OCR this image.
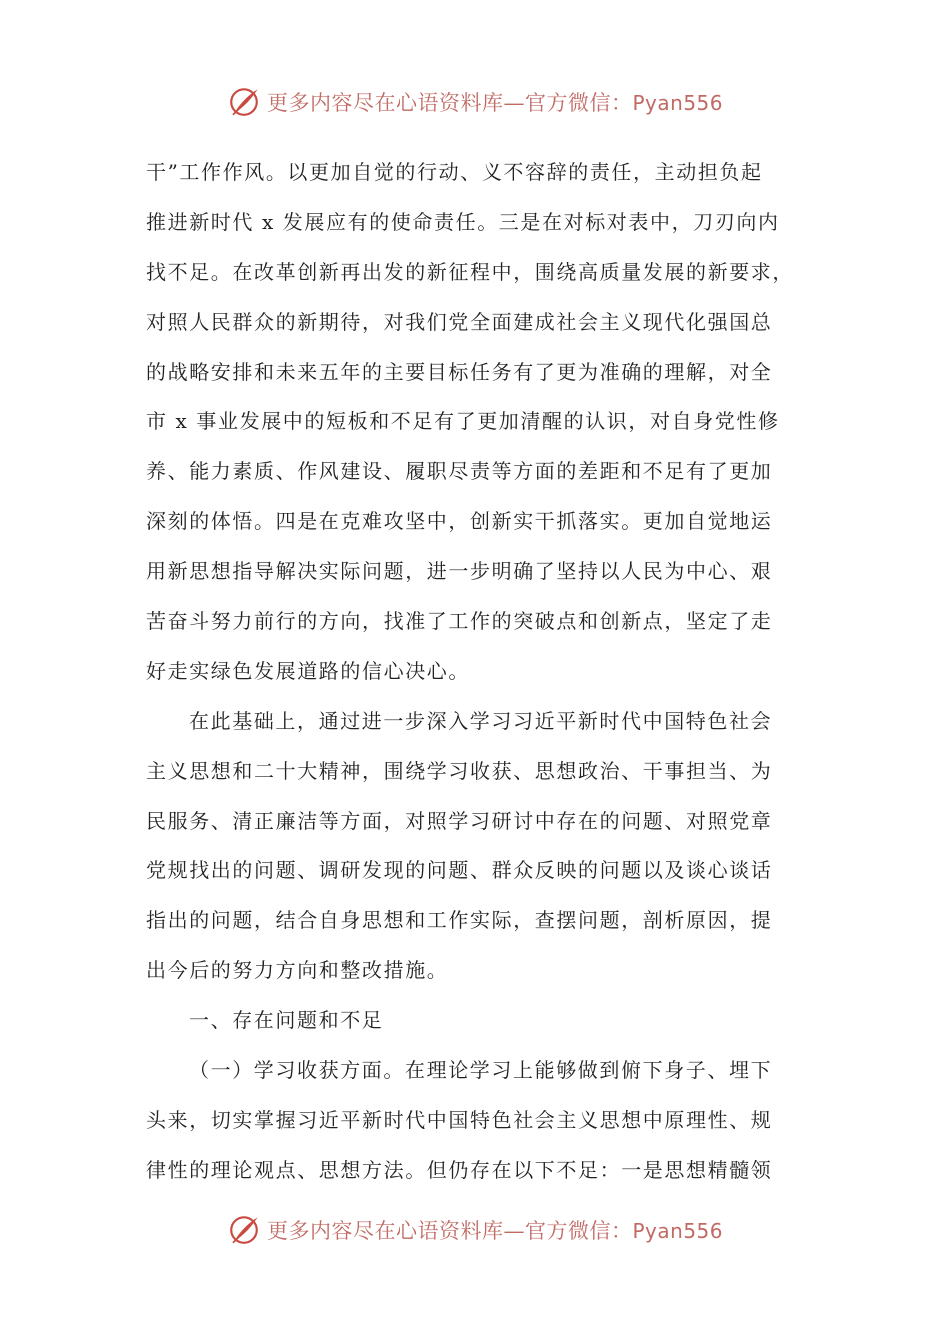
更多内容尽在心语资料库—官方微信：Pyan556
干”工作作风。以更加自觉的行动、义不容辞的责任，主动担负起
推进新时代 x 发展应有的使命责任。三是在对标对表中，刀刃向内
找不足。在改革创新再出发的新征程中，围绕高质量发展的新要求，
对照人民群众的新期待，对我们党全面建成社会主义现代化强国总
的战略安排和未来五年的主要目标任务有了更为准确的理解，对全
市 x 事业发展中的短板和不足有了更加清醒的认识，对自身党性修
养、能力素质、作风建设、履职尽责等方面的差距和不足有了更加
深刻的体悟。四是在克难攻坚中，创新实干抓落实。更加自觉地运
用新思想指导解决实际问题，进一步明确了坚持以人民为中心、艰
苦奋斗努力前行的方向，找准了工作的突破点和创新点，坚定了走
好走实绿色发展道路的信心决心。
在此基础上，通过进一步深入学习习近平新时代中国特色社会
主义思想和二十大精神，围绕学习收获、思想政治、干事担当、为
民服务、清正廉洁等方面，对照学习研讨中存在的问题、对照党章
党规找出的问题、调研发现的问题、群众反映的问题以及谈心谈话
指出的问题，结合自身思想和工作实际，查摆问题，剖析原因，提
出今后的努力方向和整改措施。
一、存在问题和不足
（一）学习收获方面。在理论学习上能够做到俯下身子、埋下
头来，切实掌握习近平新时代中国特色社会主义思想中原理性、规
律性的理论观点、思想方法。但仍存在以下不足：一是思想精髓领
更多内容尽在心语资料库—官方微信：Pyan556
